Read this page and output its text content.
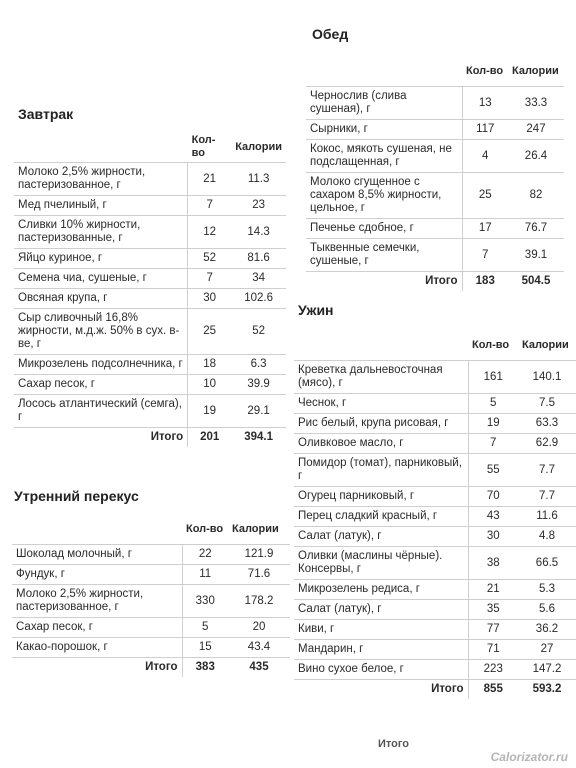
Завтрак
	Кол-во	Калории
Молоко 2,5% жирности, пастеризованное, г	21	11.3
Мед пчелиный, г	7	23
Сливки 10% жирности, пастеризованные, г	12	14.3
Яйцо куриное, г	52	81.6
Семена чиа, сушеные, г	7	34
Овсяная крупа, г	30	102.6
Сыр сливочный 16,8% жирности, м.д.ж. 50% в сух. в-ве, г	25	52
Микрозелень подсолнечника, г	18	6.3
Сахар песок, г	10	39.9
Лосось атлантический (семга), г	19	29.1
Итого	201	394.1
Утренний перекус
	Кол-во	Калории
Шоколад молочный, г	22	121.9
Фундук, г	11	71.6
Молоко 2,5% жирности, пастеризованное, г	330	178.2
Сахар песок, г	5	20
Какао-порошок, г	15	43.4
Итого	383	435
Обед
	Кол-во	Калории
Чернослив (слива сушеная), г	13	33.3
Сырники, г	117	247
Кокос, мякоть сушеная, не подслащенная, г	4	26.4
Молоко сгущенное с сахаром 8,5% жирности, цельное, г	25	82
Печенье сдобное, г	17	76.7
Тыквенные семечки, сушеные, г	7	39.1
Итого	183	504.5
Ужин
	Кол-во	Калории
Креветка дальневосточная (мясо), г	161	140.1
Чеснок, г	5	7.5
Рис белый, крупа рисовая, г	19	63.3
Оливковое масло, г	7	62.9
Помидор (томат), парниковый, г	55	7.7
Огурец парниковый, г	70	7.7
Перец сладкий красный, г	43	11.6
Салат (латук), г	30	4.8
Оливки (маслины чёрные). Консервы, г	38	66.5
Микрозелень редиса, г	21	5.3
Салат (латук), г	35	5.6
Киви, г	77	36.2
Мандарин, г	71	27
Вино сухое белое, г	223	147.2
Итого	855	593.2
Итого
Calorizator.ru
